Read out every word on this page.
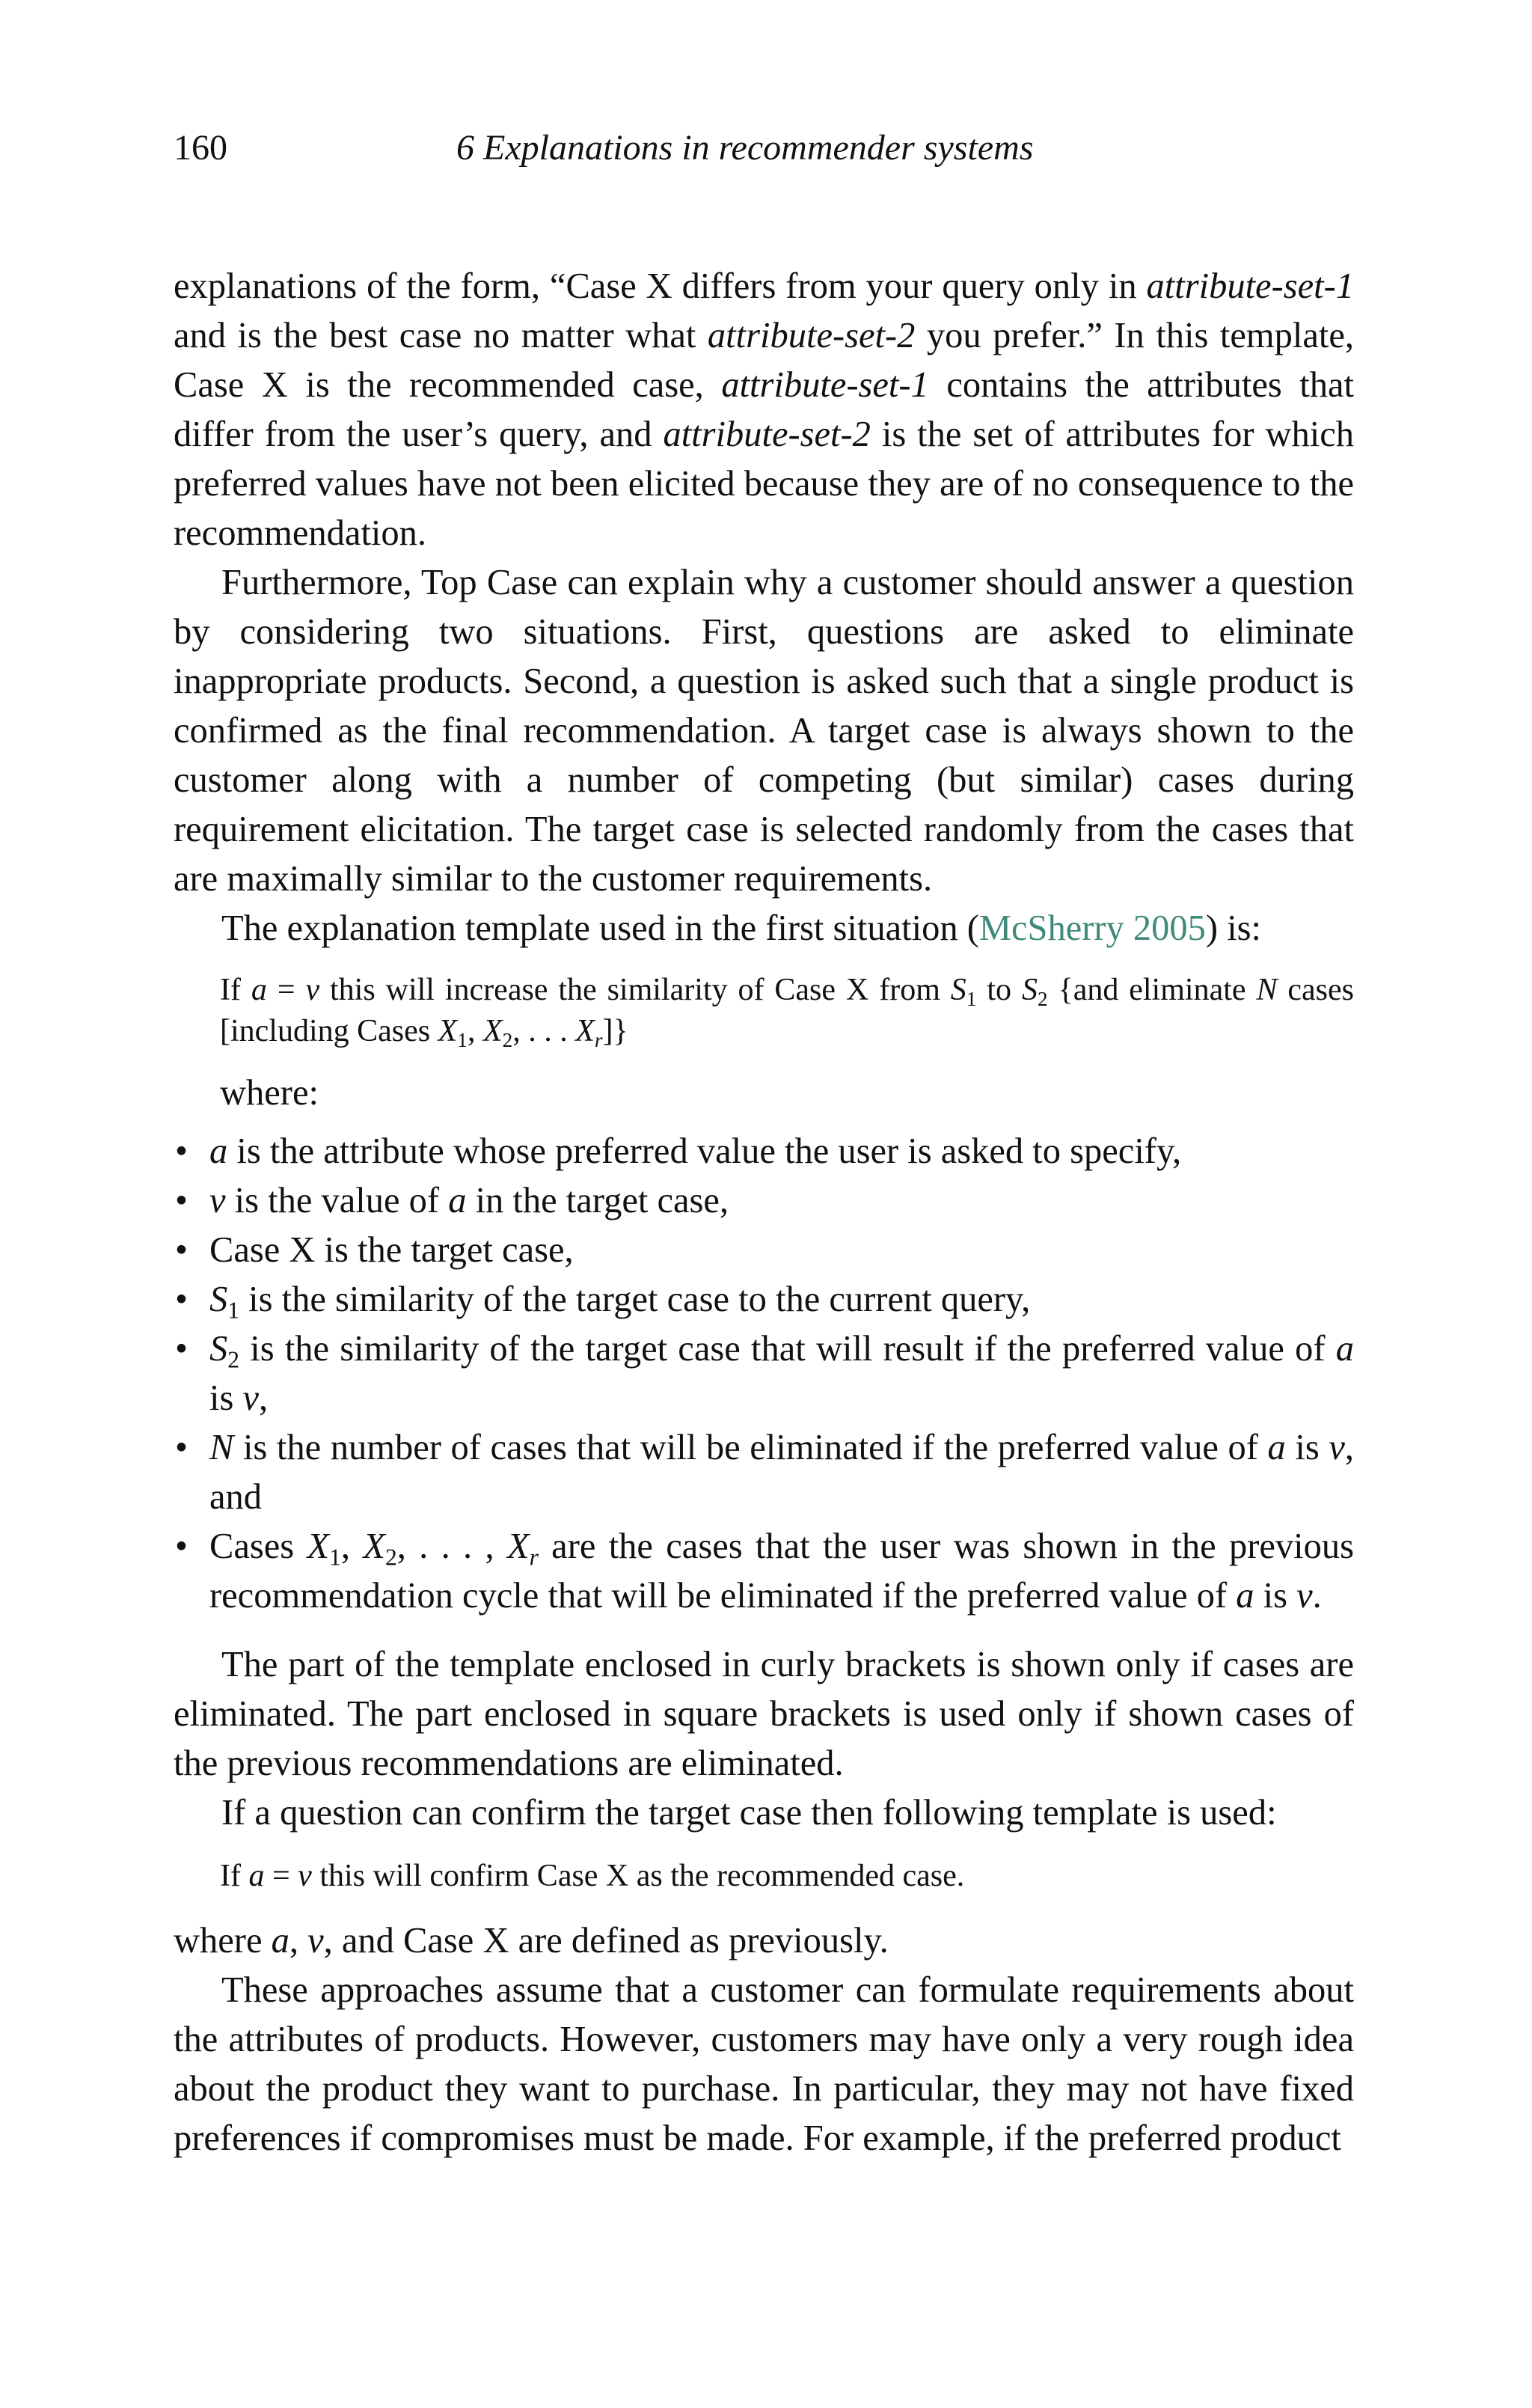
160	6 Explanations in recommender systems

explanations of the form, “Case X differs from your query only in attribute-set-1 and is the best case no matter what attribute-set-2 you prefer.” In this template, Case X is the recommended case, attribute-set-1 contains the attributes that differ from the user’s query, and attribute-set-2 is the set of attributes for which preferred values have not been elicited because they are of no consequence to the recommendation.

Furthermore, Top Case can explain why a customer should answer a question by considering two situations. First, questions are asked to eliminate inappropriate products. Second, a question is asked such that a single product is confirmed as the final recommendation. A target case is always shown to the customer along with a number of competing (but similar) cases during requirement elicitation. The target case is selected randomly from the cases that are maximally similar to the customer requirements.

The explanation template used in the first situation (McSherry 2005) is:

If a = v this will increase the similarity of Case X from $S_1$ to $S_2$ {and eliminate N cases [including Cases $X_1$, $X_2$, . . . $X_r$]}

where:

• a is the attribute whose preferred value the user is asked to specify,
• v is the value of a in the target case,
• Case X is the target case,
• $S_1$ is the similarity of the target case to the current query,
• $S_2$ is the similarity of the target case that will result if the preferred value of a is v,
• N is the number of cases that will be eliminated if the preferred value of a is v, and
• Cases $X_1$, $X_2$, . . . , $X_r$ are the cases that the user was shown in the previous recommendation cycle that will be eliminated if the preferred value of a is v.

The part of the template enclosed in curly brackets is shown only if cases are eliminated. The part enclosed in square brackets is used only if shown cases of the previous recommendations are eliminated.

If a question can confirm the target case then following template is used:

If a = v this will confirm Case X as the recommended case.

where a, v, and Case X are defined as previously.

These approaches assume that a customer can formulate requirements about the attributes of products. However, customers may have only a very rough idea about the product they want to purchase. In particular, they may not have fixed preferences if compromises must be made. For example, if the preferred product
